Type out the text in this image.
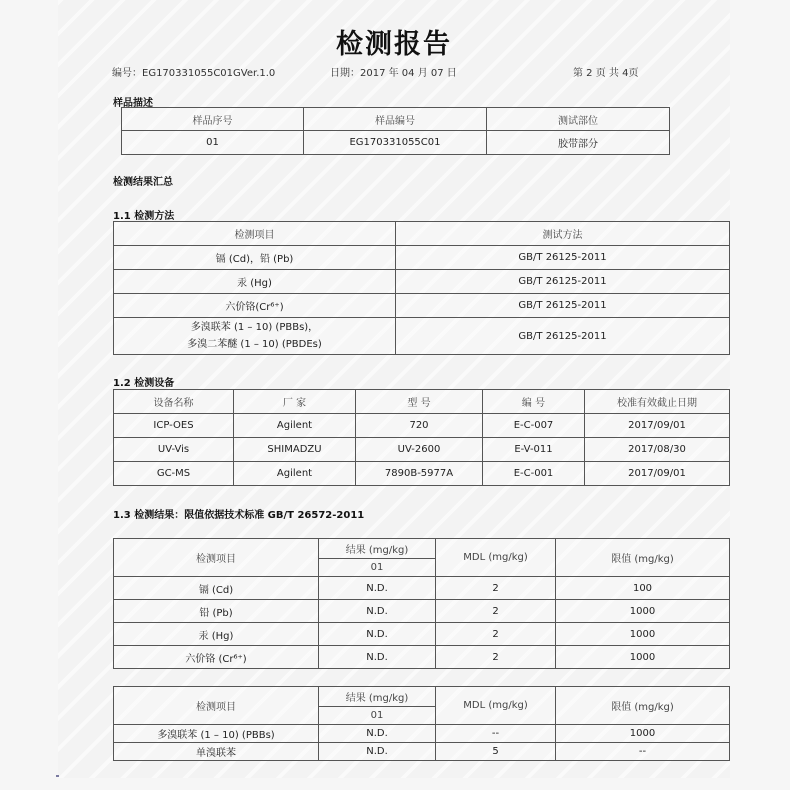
检测报告
编号：EG170331055C01GVer.1.0	日期：2017 年 04 月 07 日	第 2 页 共 4页
样品描述
样品序号	样品编号	测试部位
01	EG170331055C01	胶带部分
检测结果汇总
1.1 检测方法
检测项目	测试方法
镉 (Cd)，铅 (Pb)	GB/T 26125-2011
汞 (Hg)	GB/T 26125-2011
六价铬(Cr⁶⁺)	GB/T 26125-2011

多溴联苯 (1 – 10) (PBBs)，
多溴二苯醚 (1 – 10) (PBDEs)	GB/T 26125-2011
1.2 检测设备
设备名称	厂 家	型 号	编 号	校准有效截止日期
ICP-OES	Agilent	720	E-C-007	2017/09/01
UV-Vis	SHIMADZU	UV-2600	E-V-011	2017/08/30
GC-MS	Agilent	7890B-5977A	E-C-001	2017/09/01
1.3 检测结果：限值依据技术标准 GB/T 26572-2011
检测项目	结果 (mg/kg)	MDL (mg/kg)	限值 (mg/kg)
	01		
镉 (Cd)	N.D.	2	100
铅 (Pb)	N.D.	2	1000
汞 (Hg)	N.D.	2	1000
六价铬 (Cr⁶⁺)	N.D.	2	1000
检测项目	结果 (mg/kg)	MDL (mg/kg)	限值 (mg/kg)
	01		
多溴联苯 (1 – 10) (PBBs)	N.D.	--	1000
单溴联苯	N.D.	5	--
